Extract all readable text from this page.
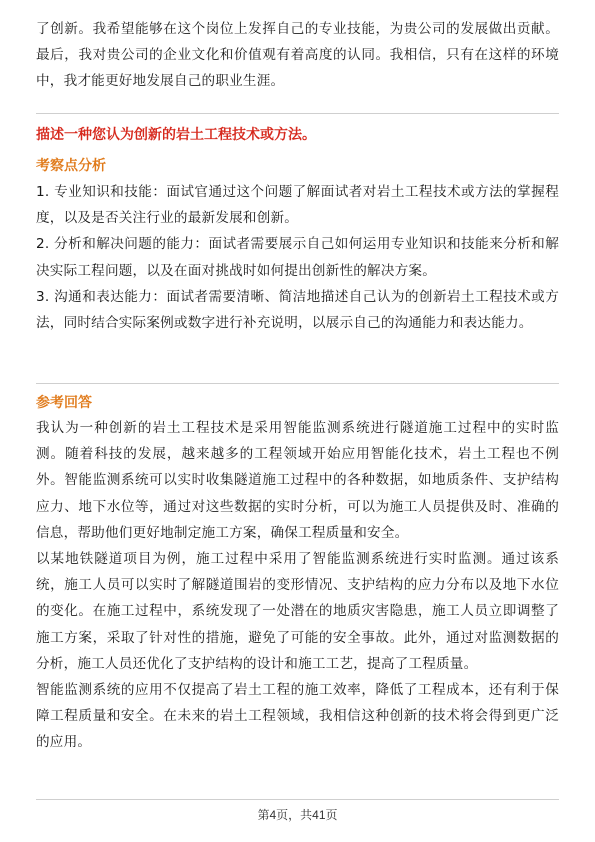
了创新。我希望能够在这个岗位上发挥自己的专业技能，为贵公司的发展做出贡献。最后，我对贵公司的企业文化和价值观有着高度的认同。我相信，只有在这样的环境中，我才能更好地发展自己的职业生涯。

描述一种您认为创新的岩土工程技术或方法。
考察点分析

1. 专业知识和技能：面试官通过这个问题了解面试者对岩土工程技术或方法的掌握程度，以及是否关注行业的最新发展和创新。

2. 分析和解决问题的能力：面试者需要展示自己如何运用专业知识和技能来分析和解决实际工程问题，以及在面对挑战时如何提出创新性的解决方案。

3. 沟通和表达能力：面试者需要清晰、简洁地描述自己认为的创新岩土工程技术或方法，同时结合实际案例或数字进行补充说明，以展示自己的沟通能力和表达能力。

参考回答

我认为一种创新的岩土工程技术是采用智能监测系统进行隧道施工过程中的实时监测。随着科技的发展，越来越多的工程领域开始应用智能化技术，岩土工程也不例外。智能监测系统可以实时收集隧道施工过程中的各种数据，如地质条件、支护结构应力、地下水位等，通过对这些数据的实时分析，可以为施工人员提供及时、准确的信息，帮助他们更好地制定施工方案，确保工程质量和安全。

以某地铁隧道项目为例，施工过程中采用了智能监测系统进行实时监测。通过该系统，施工人员可以实时了解隧道围岩的变形情况、支护结构的应力分布以及地下水位的变化。在施工过程中，系统发现了一处潜在的地质灾害隐患，施工人员立即调整了施工方案，采取了针对性的措施，避免了可能的安全事故。此外，通过对监测数据的分析，施工人员还优化了支护结构的设计和施工工艺，提高了工程质量。

智能监测系统的应用不仅提高了岩土工程的施工效率，降低了工程成本，还有利于保障工程质量和安全。在未来的岩土工程领域，我相信这种创新的技术将会得到更广泛的应用。

第4页，共41页
